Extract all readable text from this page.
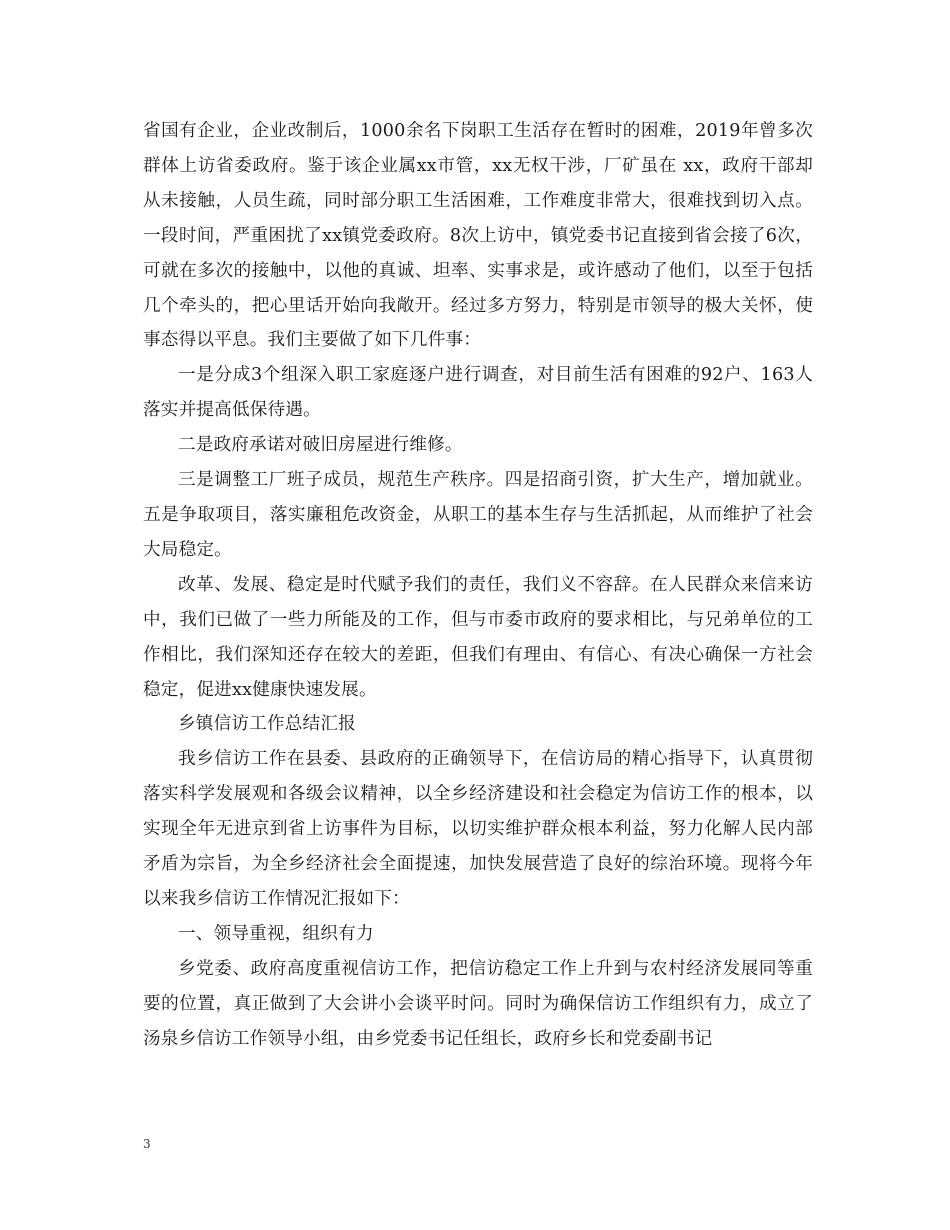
省国有企业，企业改制后，1000余名下岗职工生活存在暂时的困难，2019年曾多次群体上访省委政府。鉴于该企业属xx市管，xx无权干涉，厂矿虽在 xx，政府干部却从未接触，人员生疏，同时部分职工生活困难，工作难度非常大，很难找到切入点。一段时间，严重困扰了xx镇党委政府。8次上访中，镇党委书记直接到省会接了6次，可就在多次的接触中，以他的真诚、坦率、实事求是，或许感动了他们，以至于包括几个牵头的，把心里话开始向我敞开。经过多方努力，特别是市领导的极大关怀，使事态得以平息。我们主要做了如下几件事：

一是分成3个组深入职工家庭逐户进行调查，对目前生活有困难的92户、163人落实并提高低保待遇。

二是政府承诺对破旧房屋进行维修。

三是调整工厂班子成员，规范生产秩序。四是招商引资，扩大生产，增加就业。五是争取项目，落实廉租危改资金，从职工的基本生存与生活抓起，从而维护了社会大局稳定。

改革、发展、稳定是时代赋予我们的责任，我们义不容辞。在人民群众来信来访中，我们已做了一些力所能及的工作，但与市委市政府的要求相比，与兄弟单位的工作相比，我们深知还存在较大的差距，但我们有理由、有信心、有决心确保一方社会稳定，促进xx健康快速发展。

乡镇信访工作总结汇报

我乡信访工作在县委、县政府的正确领导下，在信访局的精心指导下，认真贯彻落实科学发展观和各级会议精神，以全乡经济建设和社会稳定为信访工作的根本，以实现全年无进京到省上访事件为目标，以切实维护群众根本利益，努力化解人民内部矛盾为宗旨，为全乡经济社会全面提速，加快发展营造了良好的综治环境。现将今年以来我乡信访工作情况汇报如下：

一、领导重视，组织有力

乡党委、政府高度重视信访工作，把信访稳定工作上升到与农村经济发展同等重要的位置，真正做到了大会讲小会谈平时问。同时为确保信访工作组织有力，成立了汤泉乡信访工作领导小组，由乡党委书记任组长，政府乡长和党委副书记

3
